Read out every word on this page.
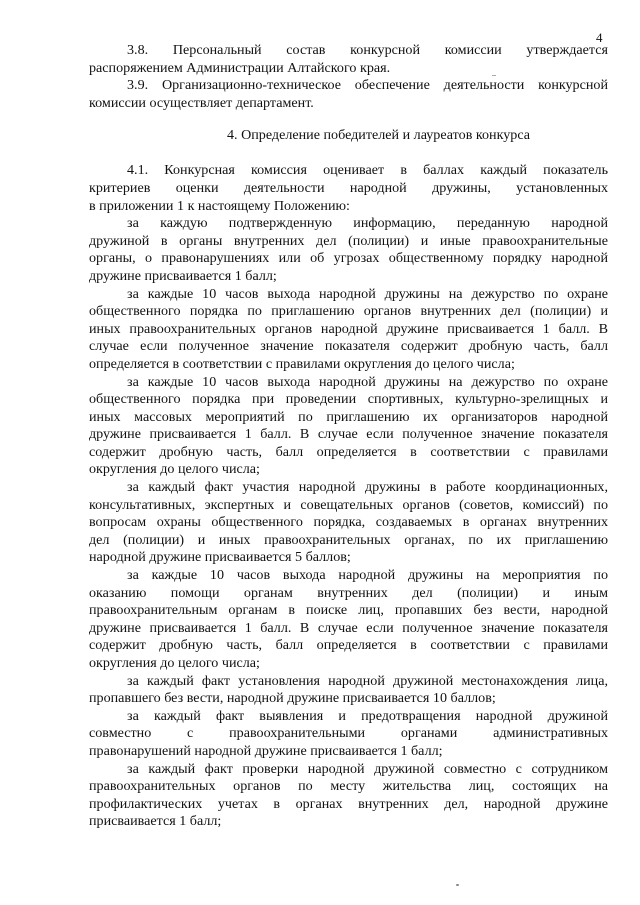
4
3.8. Персональный состав конкурсной комиссии утверждается
распоряжением Администрации Алтайского края.
3.9. Организационно-техническое обеспечение деятельности конкурсной
комиссии осуществляет департамент.
4. Определение победителей и лауреатов конкурса
4.1. Конкурсная комиссия оценивает в баллах каждый показатель
критериев оценки деятельности народной дружины, установленных
в приложении 1 к настоящему Положению:
за каждую подтвержденную информацию, переданную народной
дружиной в органы внутренних дел (полиции) и иные правоохранительные
органы, о правонарушениях или об угрозах общественному порядку народной
дружине присваивается 1 балл;
за каждые 10 часов выхода народной дружины на дежурство по охране
общественного порядка по приглашению органов внутренних дел (полиции) и
иных правоохранительных органов народной дружине присваивается 1 балл. В
случае если полученное значение показателя содержит дробную часть, балл
определяется в соответствии с правилами округления до целого числа;
за каждые 10 часов выхода народной дружины на дежурство по охране
общественного порядка при проведении спортивных, культурно-зрелищных и
иных массовых мероприятий по приглашению их организаторов народной
дружине присваивается 1 балл. В случае если полученное значение показателя
содержит дробную часть, балл определяется в соответствии с правилами
округления до целого числа;
за каждый факт участия народной дружины в работе координационных,
консультативных, экспертных и совещательных органов (советов, комиссий) по
вопросам охраны общественного порядка, создаваемых в органах внутренних
дел (полиции) и иных правоохранительных органах, по их приглашению
народной дружине присваивается 5 баллов;
за каждые 10 часов выхода народной дружины на мероприятия по
оказанию помощи органам внутренних дел (полиции) и иным
правоохранительным органам в поиске лиц, пропавших без вести, народной
дружине присваивается 1 балл. В случае если полученное значение показателя
содержит дробную часть, балл определяется в соответствии с правилами
округления до целого числа;
за каждый факт установления народной дружиной местонахождения лица,
пропавшего без вести, народной дружине присваивается 10 баллов;
за каждый факт выявления и предотвращения народной дружиной
совместно с правоохранительными органами административных
правонарушений народной дружине присваивается 1 балл;
за каждый факт проверки народной дружиной совместно с сотрудником
правоохранительных органов по месту жительства лиц, состоящих на
профилактических учетах в органах внутренних дел, народной дружине
присваивается 1 балл;
